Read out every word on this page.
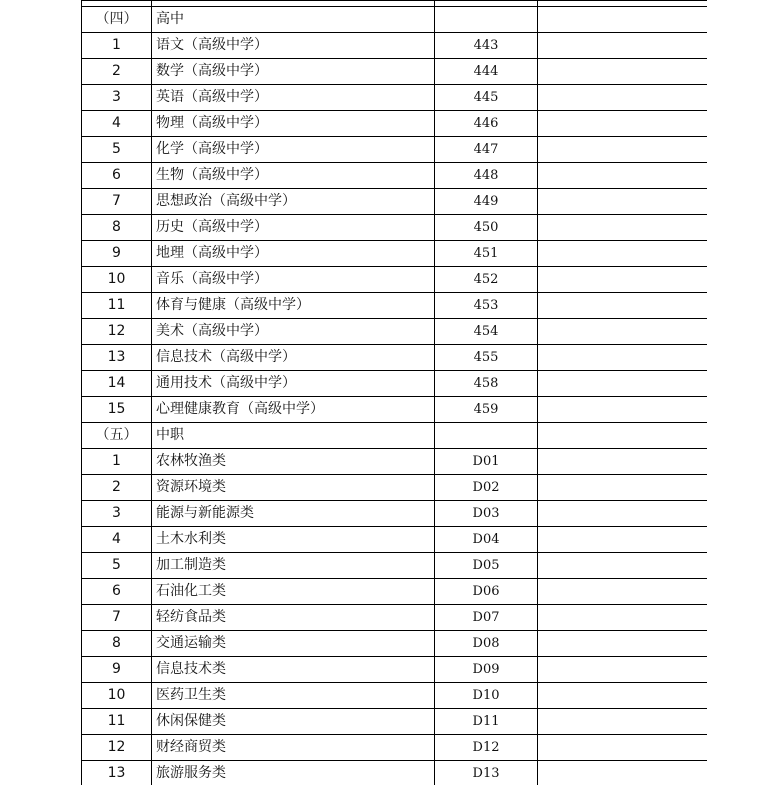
（四）	高中		
1	语文（高级中学）	443	
2	数学（高级中学）	444	
3	英语（高级中学）	445	
4	物理（高级中学）	446	
5	化学（高级中学）	447	
6	生物（高级中学）	448	
7	思想政治（高级中学）	449	
8	历史（高级中学）	450	
9	地理（高级中学）	451	
10	音乐（高级中学）	452	
11	体育与健康（高级中学）	453	
12	美术（高级中学）	454	
13	信息技术（高级中学）	455	
14	通用技术（高级中学）	458	
15	心理健康教育（高级中学）	459	
（五）	中职		
1	农林牧渔类	D01	
2	资源环境类	D02	
3	能源与新能源类	D03	
4	土木水利类	D04	
5	加工制造类	D05	
6	石油化工类	D06	
7	轻纺食品类	D07	
8	交通运输类	D08	
9	信息技术类	D09	
10	医药卫生类	D10	
11	休闲保健类	D11	
12	财经商贸类	D12	
13	旅游服务类	D13	
